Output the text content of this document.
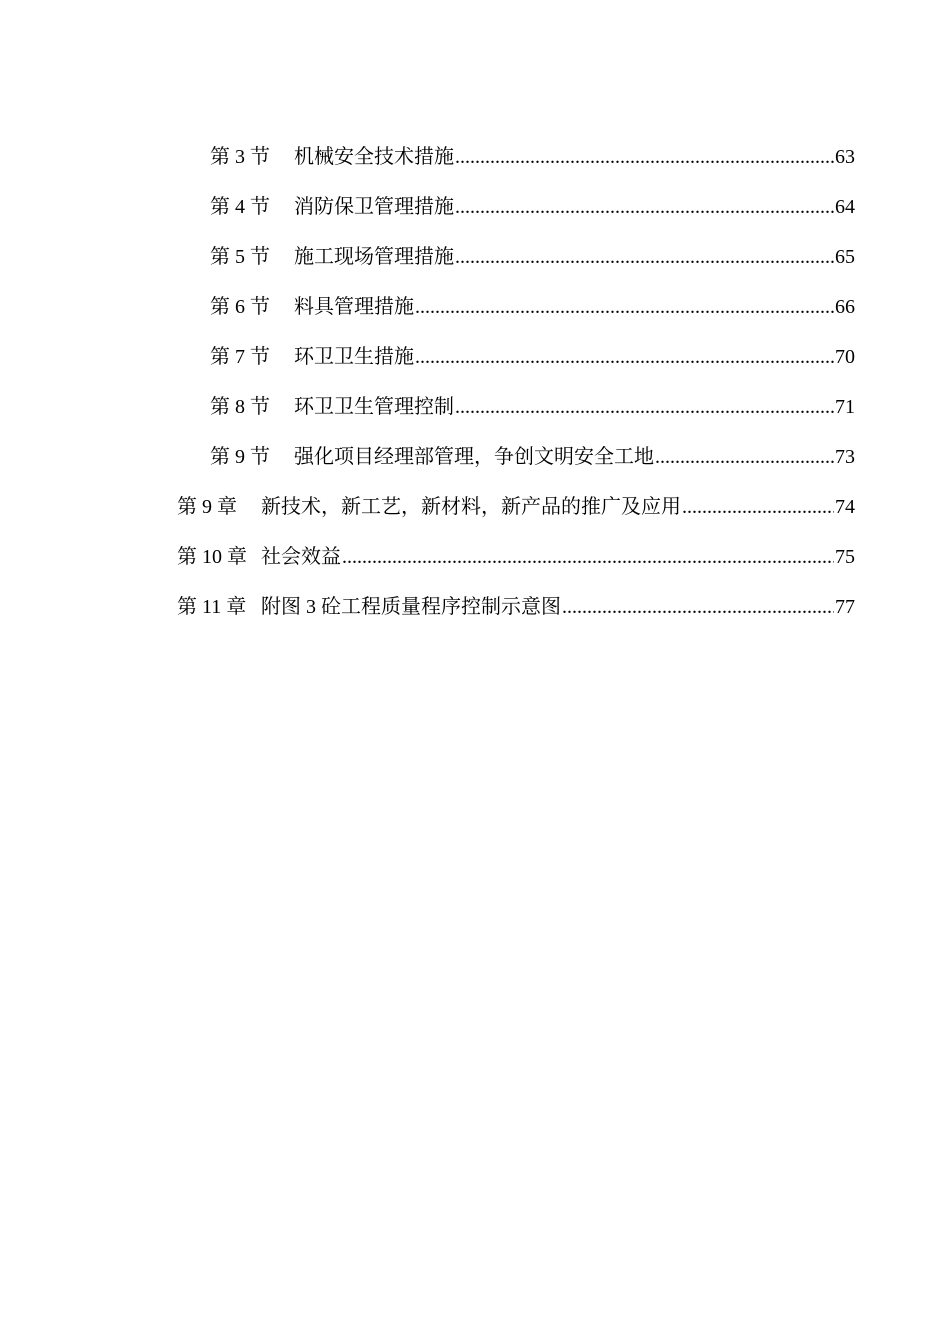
第 3 节	机械安全技术措施 .....	63
第 4 节	消防保卫管理措施 .....	64
第 5 节	施工现场管理措施 .....	65
第 6 节	料具管理措施 .....	66
第 7 节	环卫卫生措施 .....	70
第 8 节	环卫卫生管理控制 .....	71
第 9 节	强化项目经理部管理，争创文明安全工地 .....	73
第 9 章	新技术，新工艺，新材料，新产品的推广及应用 .....	74
第 10 章 社会效益 .....	75
第 11 章 附图 3 砼工程质量程序控制示意图 .....	77
